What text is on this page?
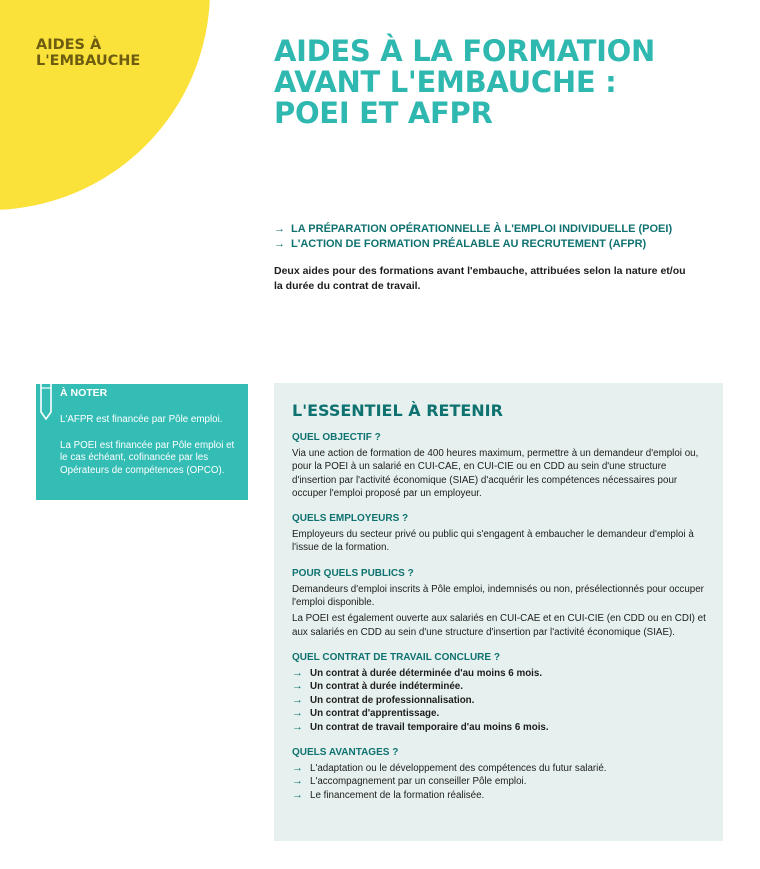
AIDES À
L'EMBAUCHE	AIDES À LA FORMATION
AVANT L'EMBAUCHE :
POEI ET AFPR
→ LA PRÉPARATION OPÉRATIONNELLE À L'EMPLOI INDIVIDUELLE (POEI)
→ L'ACTION DE FORMATION PRÉALABLE AU RECRUTEMENT (AFPR)
Deux aides pour des formations avant l'embauche, attribuées selon la nature et/ou la durée du contrat de travail.
À NOTER

L'AFPR est financée par Pôle emploi.

La POEI est financée par Pôle emploi et le cas échéant, cofinancée par les Opérateurs de compétences (OPCO).

L'ESSENTIEL À RETENIR

QUEL OBJECTIF ?

Via une action de formation de 400 heures maximum, permettre à un demandeur d'emploi ou, pour la POEI à un salarié en CUI-CAE, en CUI-CIE ou en CDD au sein d'une structure d'insertion par l'activité économique (SIAE) d'acquérir les compétences nécessaires pour occuper l'emploi proposé par un employeur.

QUELS EMPLOYEURS ?

Employeurs du secteur privé ou public qui s'engagent à embaucher le demandeur d'emploi à l'issue de la formation.

POUR QUELS PUBLICS ?

Demandeurs d'emploi inscrits à Pôle emploi, indemnisés ou non, présélectionnés pour occuper l'emploi disponible.

La POEI est également ouverte aux salariés en CUI-CAE et en CUI-CIE (en CDD ou en CDI) et aux salariés en CDD au sein d'une structure d'insertion par l'activité économique (SIAE).

QUEL CONTRAT DE TRAVAIL CONCLURE ?

→ Un contrat à durée déterminée d'au moins 6 mois.
→ Un contrat à durée indéterminée.
→ Un contrat de professionnalisation.
→ Un contrat d'apprentissage.
→ Un contrat de travail temporaire d'au moins 6 mois.

QUELS AVANTAGES ?

→ L'adaptation ou le développement des compétences du futur salarié.
→ L'accompagnement par un conseiller Pôle emploi.
→ Le financement de la formation réalisée.
